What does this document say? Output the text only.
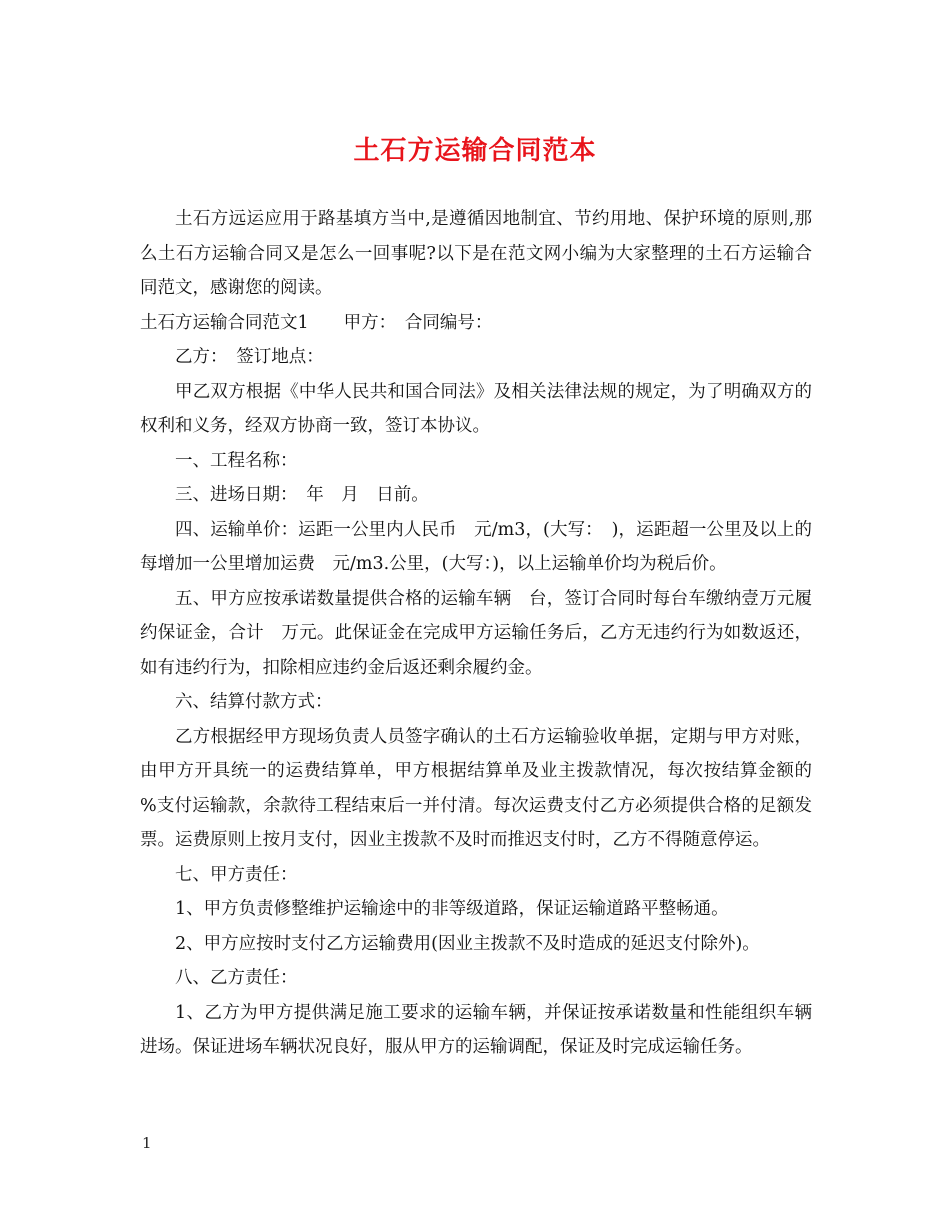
土石方运输合同范本

土石方远运应用于路基填方当中,是遵循因地制宜、节约用地、保护环境的原则,那么土石方运输合同又是怎么一回事呢?以下是在范文网小编为大家整理的土石方运输合同范文，感谢您的阅读。

土石方运输合同范文1　　甲方：　合同编号：

乙方：　签订地点：

甲乙双方根据《中华人民共和国合同法》及相关法律法规的规定，为了明确双方的权利和义务，经双方协商一致，签订本协议。

一、工程名称：

三、进场日期：　年　月　日前。

四、运输单价：运距一公里内人民币　元/m3，(大写：　)，运距超一公里及以上的每增加一公里增加运费　元/m3.公里，(大写：)，以上运输单价均为税后价。

五、甲方应按承诺数量提供合格的运输车辆　台，签订合同时每台车缴纳壹万元履约保证金，合计　万元。此保证金在完成甲方运输任务后，乙方无违约行为如数返还，如有违约行为，扣除相应违约金后返还剩余履约金。

六、结算付款方式：

乙方根据经甲方现场负责人员签字确认的土石方运输验收单据，定期与甲方对账，由甲方开具统一的运费结算单，甲方根据结算单及业主拨款情况，每次按结算金额的　%支付运输款，余款待工程结束后一并付清。每次运费支付乙方必须提供合格的足额发票。运费原则上按月支付，因业主拨款不及时而推迟支付时，乙方不得随意停运。

七、甲方责任：

1、甲方负责修整维护运输途中的非等级道路，保证运输道路平整畅通。

2、甲方应按时支付乙方运输费用(因业主拨款不及时造成的延迟支付除外)。

八、乙方责任：

1、乙方为甲方提供满足施工要求的运输车辆，并保证按承诺数量和性能组织车辆进场。保证进场车辆状况良好，服从甲方的运输调配，保证及时完成运输任务。

1
